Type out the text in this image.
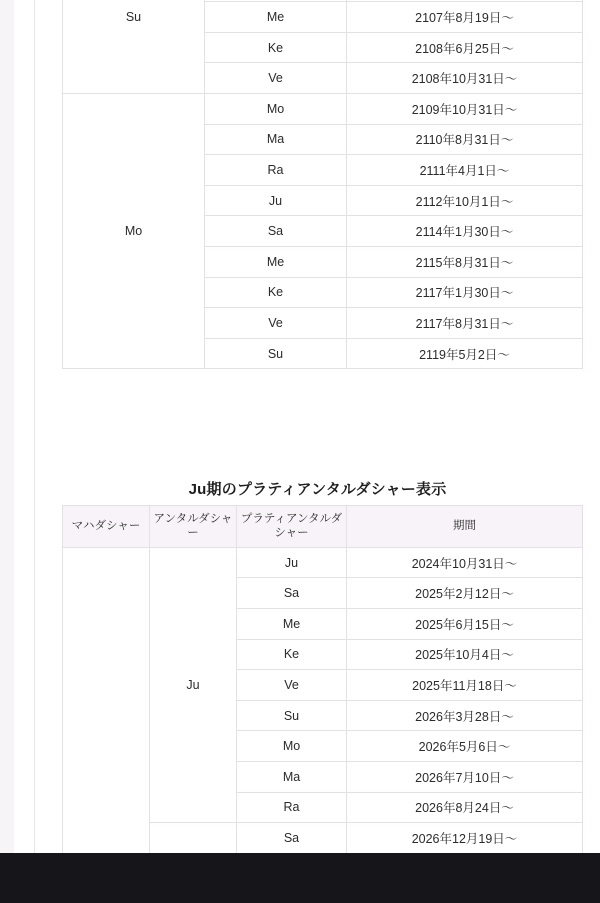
Su		

	Me	2107年8月19日〜
	Ke	2108年6月25日〜
	Ve	2108年10月31日〜
Mo	Mo	2109年10月31日〜
	Ma	2110年8月31日〜
	Ra	2111年4月1日〜
	Ju	2112年10月1日〜
	Sa	2114年1月30日〜
	Me	2115年8月31日〜
	Ke	2117年1月30日〜
	Ve	2117年8月31日〜
	Su	2119年5月2日〜
Ju期のプラティアンタルダシャー表示
マハダシャー	アンタルダシャー	プラティアンタルダシャー	期間
	Ju	Ju	2024年10月31日〜
		Sa	2025年2月12日〜
		Me	2025年6月15日〜
		Ke	2025年10月4日〜
		Ve	2025年11月18日〜
		Su	2026年3月28日〜
		Mo	2026年5月6日〜
		Ma	2026年7月10日〜
		Ra	2026年8月24日〜
		Sa	2026年12月19日〜
